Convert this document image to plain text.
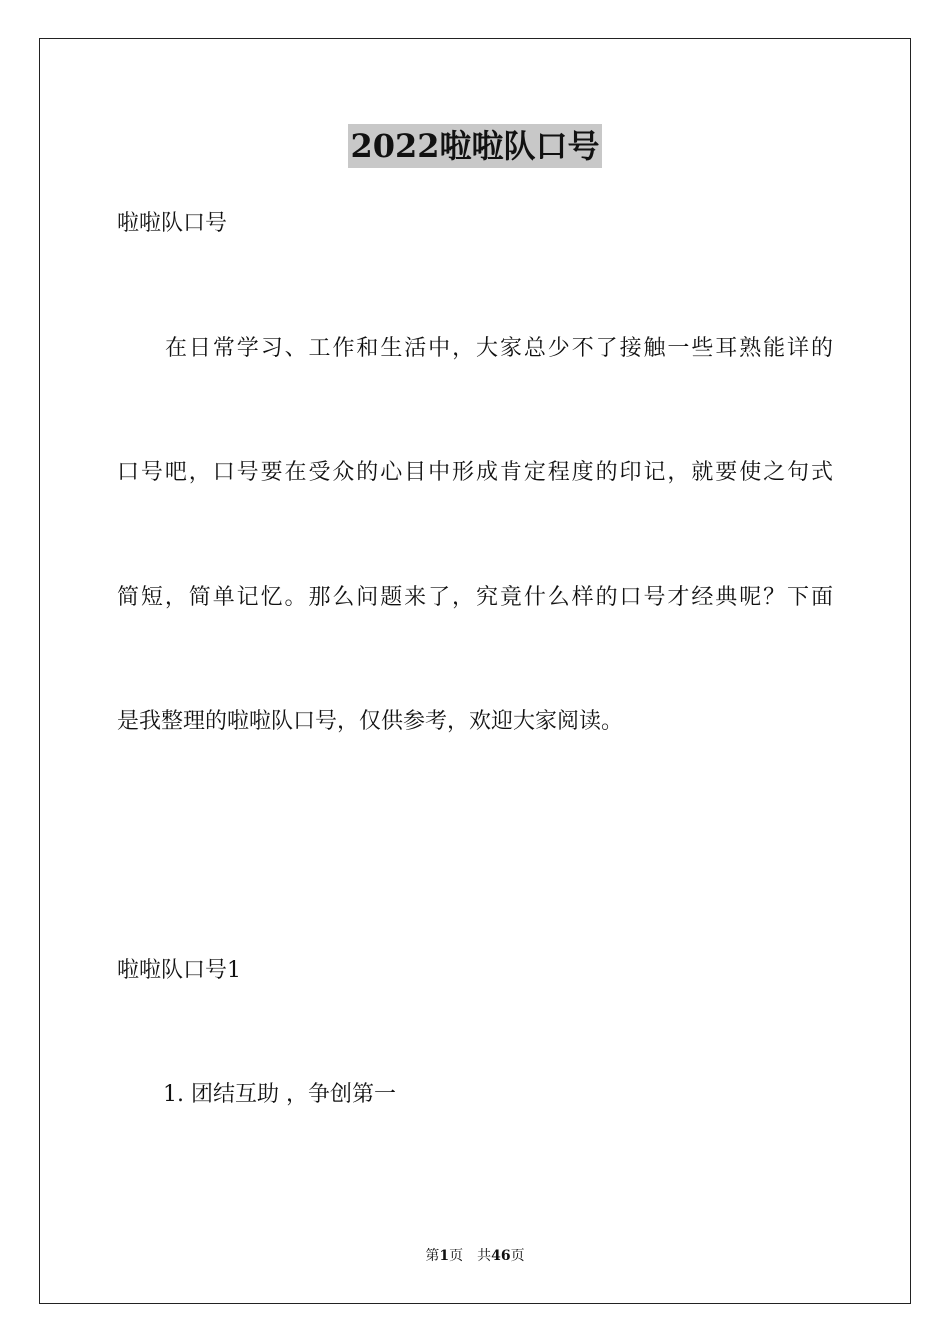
2022啦啦队口号

啦啦队口号

在日常学习、工作和生活中，大家总少不了接触一些耳熟能详的

口号吧，口号要在受众的心目中形成肯定程度的印记，就要使之句式

简短，简单记忆。那么问题来了，究竟什么样的口号才经典呢？下面

是我整理的啦啦队口号，仅供参考，欢迎大家阅读。

啦啦队口号1

1. 团结互助 ，争创第一

第1页 共46页
